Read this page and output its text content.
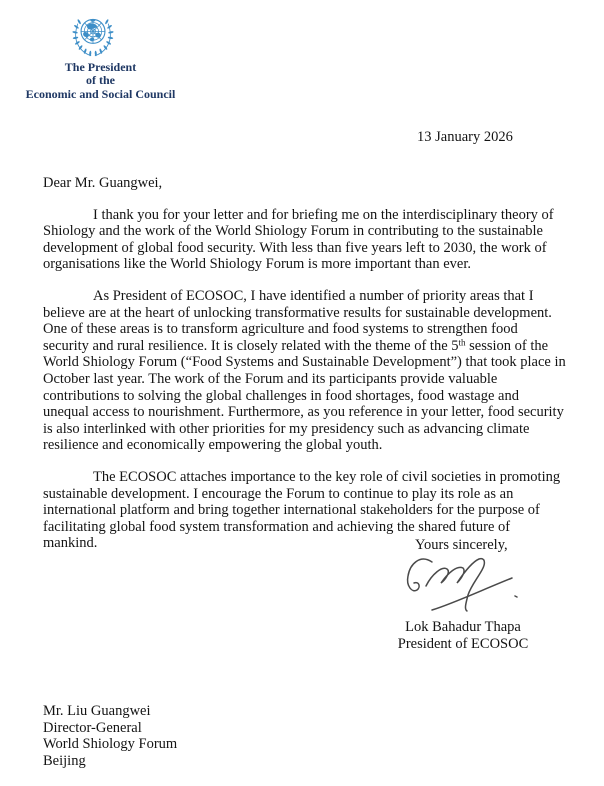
The President
of the
Economic and Social Council
13 January 2026

Dear Mr. Guangwei,

I thank you for your letter and for briefing me on the interdisciplinary theory of Shiology and the work of the World Shiology Forum in contributing to the sustainable development of global food security. With less than five years left to 2030, the work of organisations like the World Shiology Forum is more important than ever.

As President of ECOSOC, I have identified a number of priority areas that I believe are at the heart of unlocking transformative results for sustainable development. One of these areas is to transform agriculture and food systems to strengthen food security and rural resilience. It is closely related with the theme of the 5th session of the World Shiology Forum (“Food Systems and Sustainable Development”) that took place in October last year. The work of the Forum and its participants provide valuable contributions to solving the global challenges in food shortages, food wastage and unequal access to nourishment. Furthermore, as you reference in your letter, food security is also interlinked with other priorities for my presidency such as advancing climate resilience and economically empowering the global youth.

The ECOSOC attaches importance to the key role of civil societies in promoting sustainable development. I encourage the Forum to continue to play its role as an international platform and bring together international stakeholders for the purpose of facilitating global food system transformation and achieving the shared future of mankind.	Yours sincerely,
Lok Bahadur Thapa
President of ECOSOC
Mr. Liu Guangwei
Director-General
World Shiology Forum
Beijing
